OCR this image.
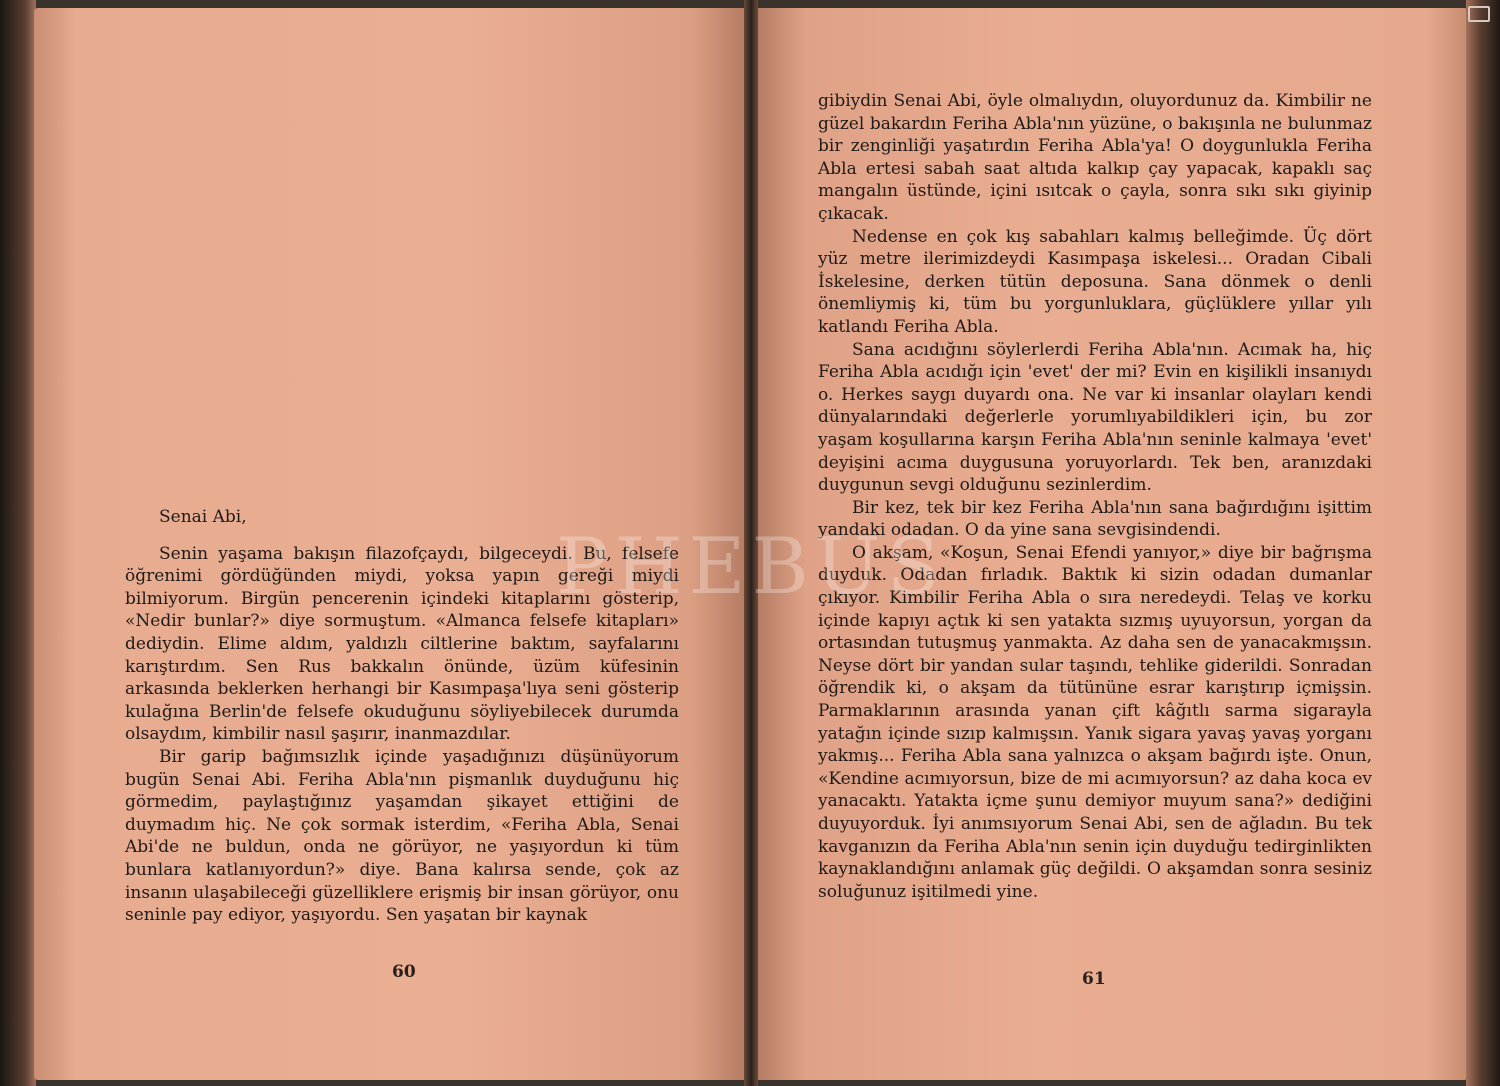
Senai Abi,

Senin yaşama bakışın filazofçaydı, bilgeceydi. Bu, felsefe öğrenimi gördüğünden miydi, yoksa yapın gereği miydi bilmiyorum. Birgün pencerenin içindeki kitaplarını gösterip, «Nedir bunlar?» diye sormuştum. «Almanca felsefe kitapları» dediydin. Elime aldım, yaldızlı ciltlerine baktım, sayfalarını karıştırdım. Sen Rus bakkalın önünde, üzüm küfesinin arkasında beklerken herhangi bir Kasımpaşa'lıya seni gösterip kulağına Berlin'de felsefe okuduğunu söyliyebilecek durumda olsaydım, kimbilir nasıl şaşırır, inanmazdılar.

Bir garip bağımsızlık içinde yaşadığınızı düşünüyorum bugün Senai Abi. Feriha Abla'nın pişmanlık duyduğunu hiç görmedim, paylaştığınız yaşamdan şikayet ettiğini de duymadım hiç. Ne çok sormak isterdim, «Feriha Abla, Senai Abi'de ne buldun, onda ne görüyor, ne yaşıyordun ki tüm bunlara katlanıyordun?» diye. Bana kalırsa sende, çok az insanın ulaşabileceği güzelliklere erişmiş bir insan görüyor, onu seninle pay ediyor, yaşıyordu. Sen yaşatan bir kaynak

60

gibiydin Senai Abi, öyle olmalıydın, oluyordunuz da. Kimbilir ne güzel bakardın Feriha Abla'nın yüzüne, o bakışınla ne bulunmaz bir zenginliği yaşatırdın Feriha Abla'ya! O doygunlukla Feriha Abla ertesi sabah saat altıda kalkıp çay yapacak, kapaklı saç mangalın üstünde, içini ısıtcak o çayla, sonra sıkı sıkı giyinip çıkacak.

Nedense en çok kış sabahları kalmış belleğimde. Üç dört yüz metre ilerimizdeydi Kasımpaşa iskelesi... Oradan Cibali İskelesine, derken tütün deposuna. Sana dönmek o denli önemliymiş ki, tüm bu yorgunluklara, güçlüklere yıllar yılı katlandı Feriha Abla.

Sana acıdığını söylerlerdi Feriha Abla'nın. Acımak ha, hiç Feriha Abla acıdığı için 'evet' der mi? Evin en kişilikli insanıydı o. Herkes saygı duyardı ona. Ne var ki insanlar olayları kendi dünyalarındaki değerlerle yorumlıyabildikleri için, bu zor yaşam koşullarına karşın Feriha Abla'nın seninle kalmaya 'evet' deyişini acıma duygusuna yoruyorlardı. Tek ben, aranızdaki duygunun sevgi olduğunu sezinlerdim.

Bir kez, tek bir kez Feriha Abla'nın sana bağırdığını işittim yandaki odadan. O da yine sana sevgisindendi.

O akşam, «Koşun, Senai Efendi yanıyor,» diye bir bağrışma duyduk. Odadan fırladık. Baktık ki sizin odadan dumanlar çıkıyor. Kimbilir Feriha Abla o sıra neredeydi. Telaş ve korku içinde kapıyı açtık ki sen yatakta sızmış uyuyorsun, yorgan da ortasından tutuşmuş yanmakta. Az daha sen de yanacakmışsın. Neyse dört bir yandan sular taşındı, tehlike giderildi. Sonradan öğrendik ki, o akşam da tütününe esrar karıştırıp içmişsin. Parmaklarının arasında yanan çift kâğıtlı sarma sigarayla yatağın içinde sızıp kalmışsın. Yanık sigara yavaş yavaş yorganı yakmış... Feriha Abla sana yalnızca o akşam bağırdı işte. Onun, «Kendine acımıyorsun, bize de mi acımıyorsun? az daha koca ev yanacaktı. Yatakta içme şunu demiyor muyum sana?» dediğini duyuyorduk. İyi anımsıyorum Senai Abi, sen de ağladın. Bu tek kavganızın da Feriha Abla'nın senin için duyduğu tedirginlikten kaynaklandığını anlamak güç değildi. O akşamdan sonra sesiniz soluğunuz işitilmedi yine.

61
PHEBUS
